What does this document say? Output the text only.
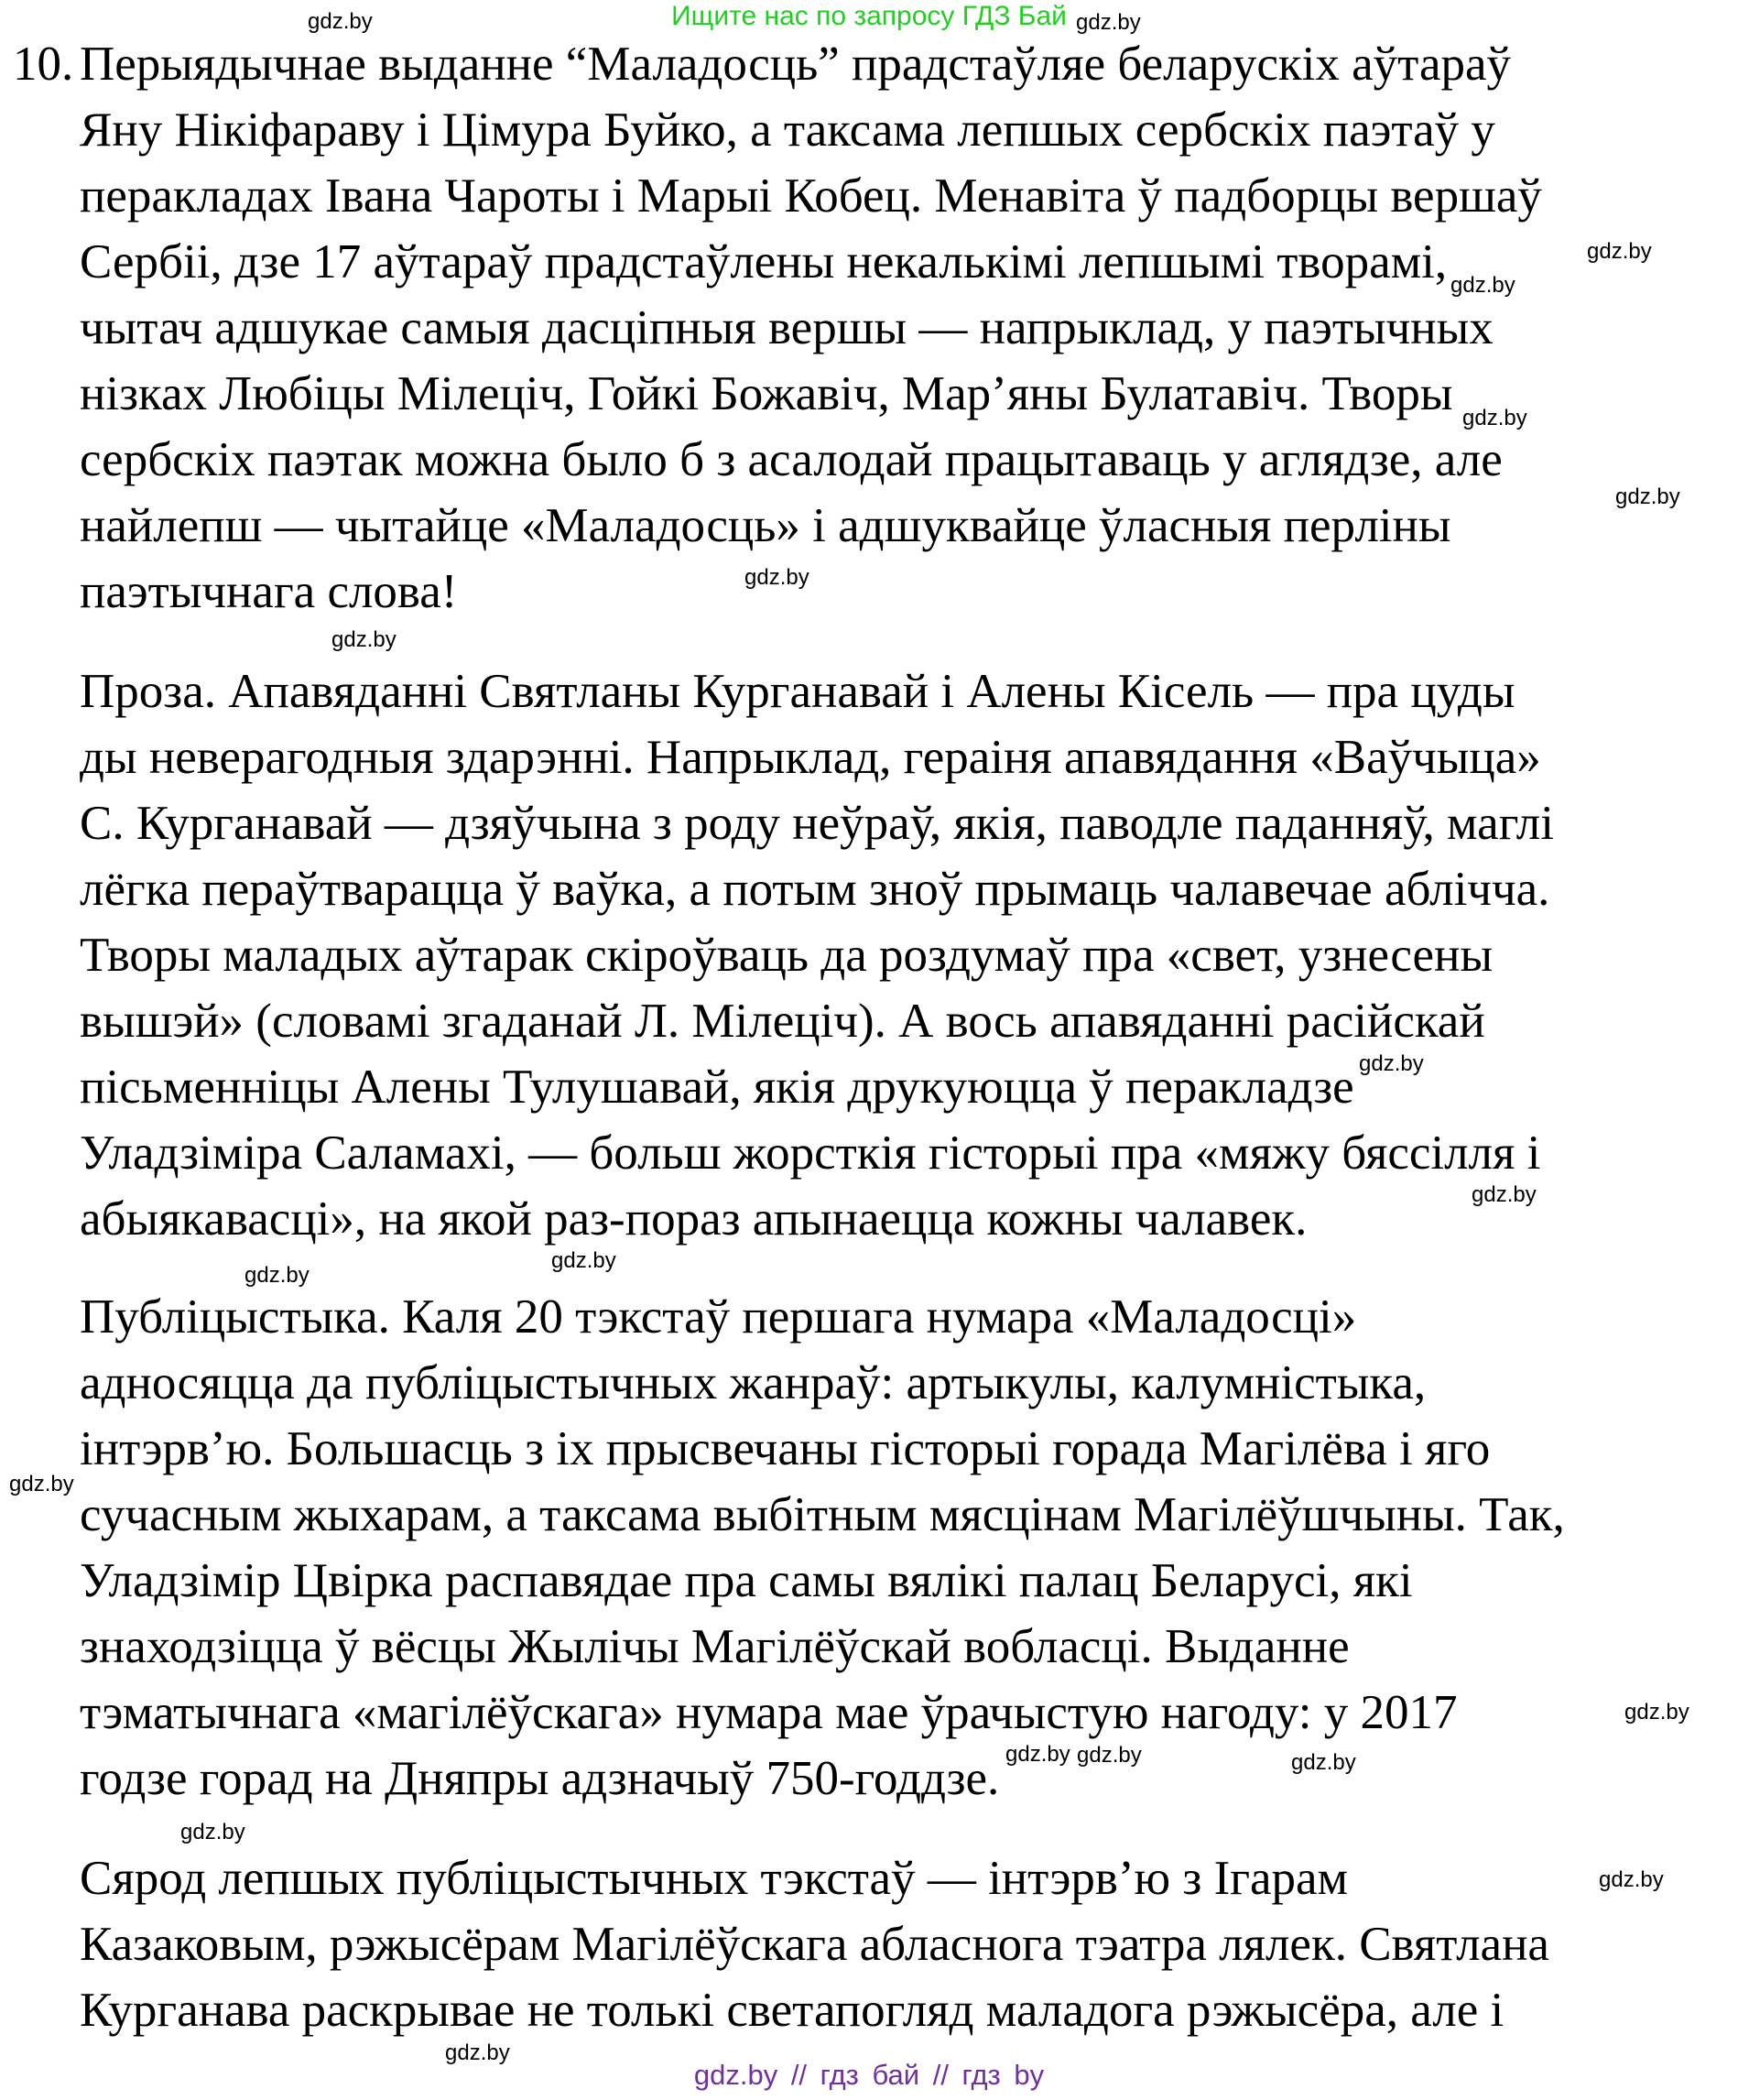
Ищите нас по запросу ГДЗ Бай
10. Перыядычнае выданне “Маладосць” прадстаўляе беларускіх аўтараў
Яну Нікіфараву і Цімура Буйко, а таксама лепшых сербскіх паэтаў у
перакладах Івана Чароты і Марыі Кобец. Менавіта ў падборцы вершаў
Сербіі, дзе 17 аўтараў прадстаўлены некалькімі лепшымі творамі,
чытач адшукае самыя дасціпныя вершы — напрыклад, у паэтычных
нізках Любіцы Мілеціч, Гойкі Божавіч, Мар’яны Булатавіч. Творы
сербскіх паэтак можна было б з асалодай працытаваць у аглядзе, але
найлепш — чытайце «Маладосць» і адшуквайце ўласныя перліны
паэтычнага слова!
Проза. Апавяданні Святланы Курганавай і Алены Кісель — пра цуды
ды неверагодныя здарэнні. Напрыклад, гераіня апавядання «Ваўчыца»
С. Курганавай — дзяўчына з роду неўраў, якія, паводле паданняў, маглі
лёгка пераўтварацца ў ваўка, а потым зноў прымаць чалавечае аблічча.
Творы маладых аўтарак скіроўваць да роздумаў пра «свет, узнесены
вышэй» (словамі згаданай Л. Мілеціч). А вось апавяданні расійскай
пісьменніцы Алены Тулушавай, якія друкуюцца ў перакладзе
Уладзіміра Саламахі, — больш жорсткія гісторыі пра «мяжу бяссілля і
абыякавасці», на якой раз-пораз апынаецца кожны чалавек.
Публіцыстыка. Каля 20 тэкстаў першага нумара «Маладосці»
адносяцца да публіцыстычных жанраў: артыкулы, калумністыка,
інтэрв’ю. Большасць з іх прысвечаны гісторыі горада Магілёва і яго
сучасным жыхарам, а таксама выбітным мясцінам Магілёўшчыны. Так,
Уладзімір Цвірка распавядае пра самы вялікі палац Беларусі, які
знаходзіцца ў вёсцы Жылічы Магілёўскай вобласці. Выданне
тэматычнага «магілёўскага» нумара мае ўрачыстую нагоду: у 2017
годзе горад на Дняпры адзначыў 750-годдзе.
Сярод лепшых публіцыстычных тэкстаў — інтэрв’ю з Ігарам
Казаковым, рэжысёрам Магілёўскага абласнога тэатра лялек. Святлана
Курганава раскрывае не толькі светапогляд маладога рэжысёра, але і
gdz.by	gdz.by
gdz.by
gdz.by
gdz.by
gdz.by
gdz.by
gdz.by
gdz.by
gdz.by
gdz.by
gdz.by
gdz.by
gdz.by gdz.by
gdz.by
gdz.by
gdz.by
gdz.by
gdz.by
gdz.by // гдз бай // гдз by
